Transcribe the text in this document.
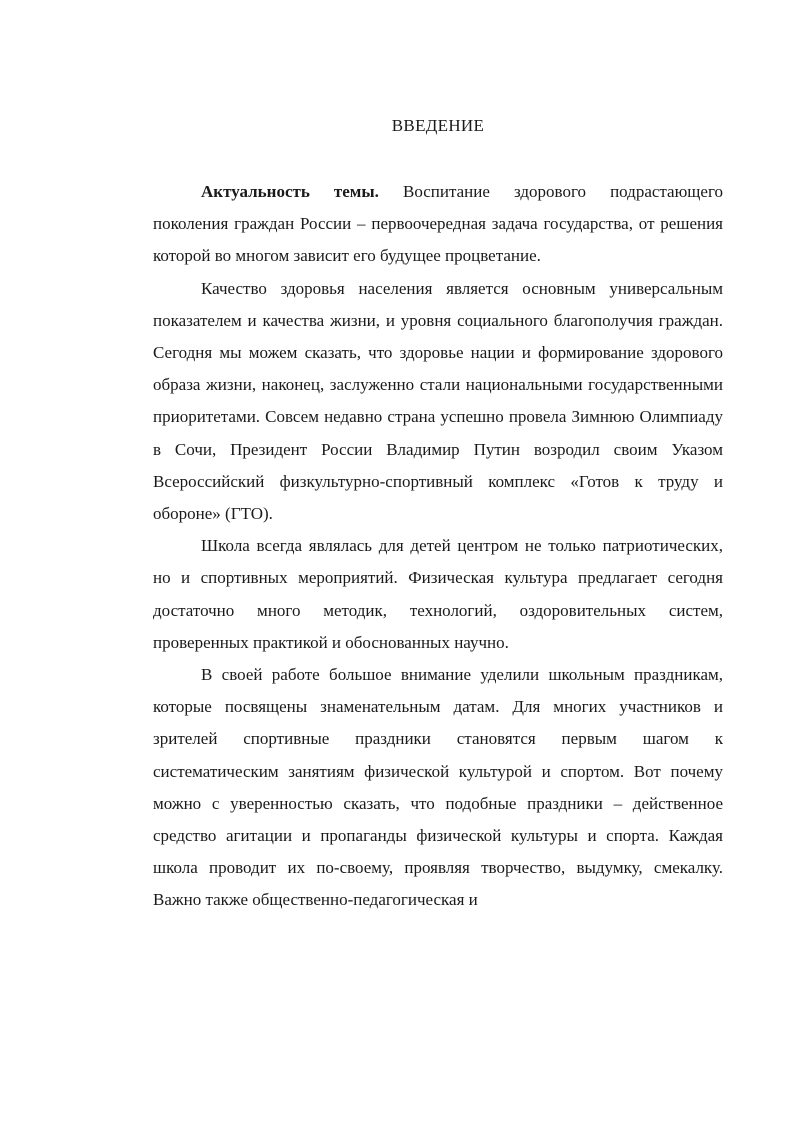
ВВЕДЕНИЕ

Актуальность темы. Воспитание здорового подрастающего поколения граждан России – первоочередная задача государства, от решения которой во многом зависит его будущее процветание.

Качество здоровья населения является основным универсальным показателем и качества жизни, и уровня социального благополучия граждан. Сегодня мы можем сказать, что здоровье нации и формирование здорового образа жизни, наконец, заслуженно стали национальными государственными приоритетами. Совсем недавно страна успешно провела Зимнюю Олимпиаду в Сочи, Президент России Владимир Путин возродил своим Указом Всероссийский физкультурно-спортивный комплекс «Готов к труду и обороне» (ГТО).

Школа всегда являлась для детей центром не только патриотических, но и спортивных мероприятий. Физическая культура предлагает сегодня достаточно много методик, технологий, оздоровительных систем, проверенных практикой и обоснованных научно.

В своей работе большое внимание уделили школьным праздникам, которые посвящены знаменательным датам. Для многих участников и зрителей спортивные праздники становятся первым шагом к систематическим занятиям физической культурой и спортом. Вот почему можно с уверенностью сказать, что подобные праздники – действенное средство агитации и пропаганды физической культуры и спорта. Каждая школа проводит их по-своему, проявляя творчество, выдумку, смекалку. Важно также общественно-педагогическая и
